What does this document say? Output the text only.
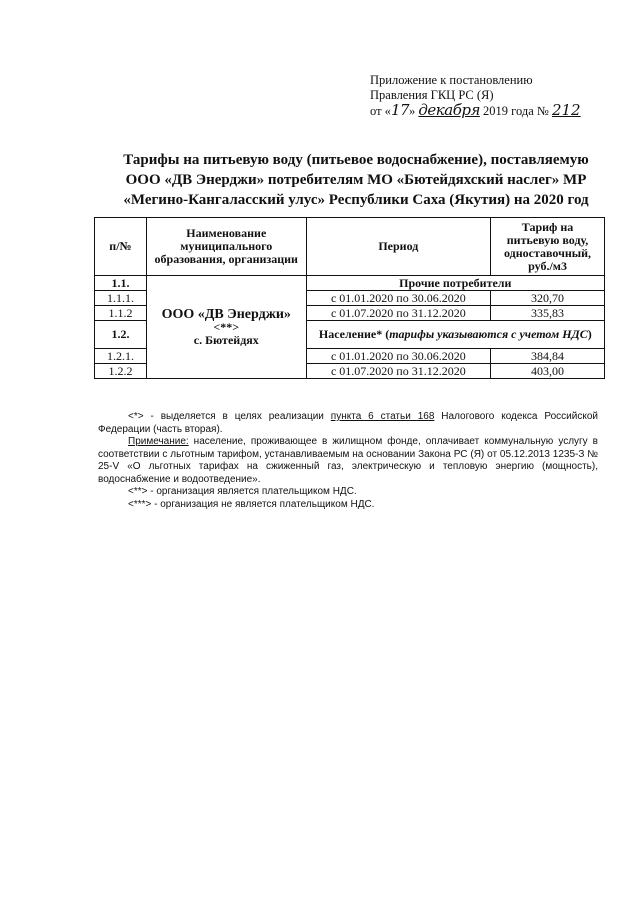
Приложение к постановлению
Правления ГКЦ РС (Я)
от «17» декабря 2019 года № 212
Тарифы на питьевую воду (питьевое водоснабжение), поставляемую
ООО «ДВ Энерджи» потребителям МО «Бютейдяхский наслег» МР
«Мегино-Кангаласский улус» Республики Саха (Якутия) на 2020 год
п/№	Наименование муниципального образования, организации	Период	Тариф на питьевую воду, одноставочный, руб./м3
1.1.	ООО «ДВ Энерджи»
<**>
с. Бютейдях	Прочие потребители	
1.1.1.		с 01.01.2020 по 30.06.2020	320,70
1.1.2		с 01.07.2020 по 31.12.2020	335,83
1.2.		Население* (тарифы указываются с учетом НДС)	
1.2.1.		с 01.01.2020 по 30.06.2020	384,84
1.2.2		с 01.07.2020 по 31.12.2020	403,00

<*> - выделяется в целях реализации пункта 6 статьи 168 Налогового кодекса Российской Федерации (часть вторая).

Примечание: население, проживающее в жилищном фонде, оплачивает коммунальную услугу в соответствии с льготным тарифом, устанавливаемым на основании Закона РС (Я) от 05.12.2013 1235-З № 25-V «О льготных тарифах на сжиженный газ, электрическую и тепловую энергию (мощность), водоснабжение и водоотведение».

<**> - организация является плательщиком НДС.

<***> - организация не является плательщиком НДС.
